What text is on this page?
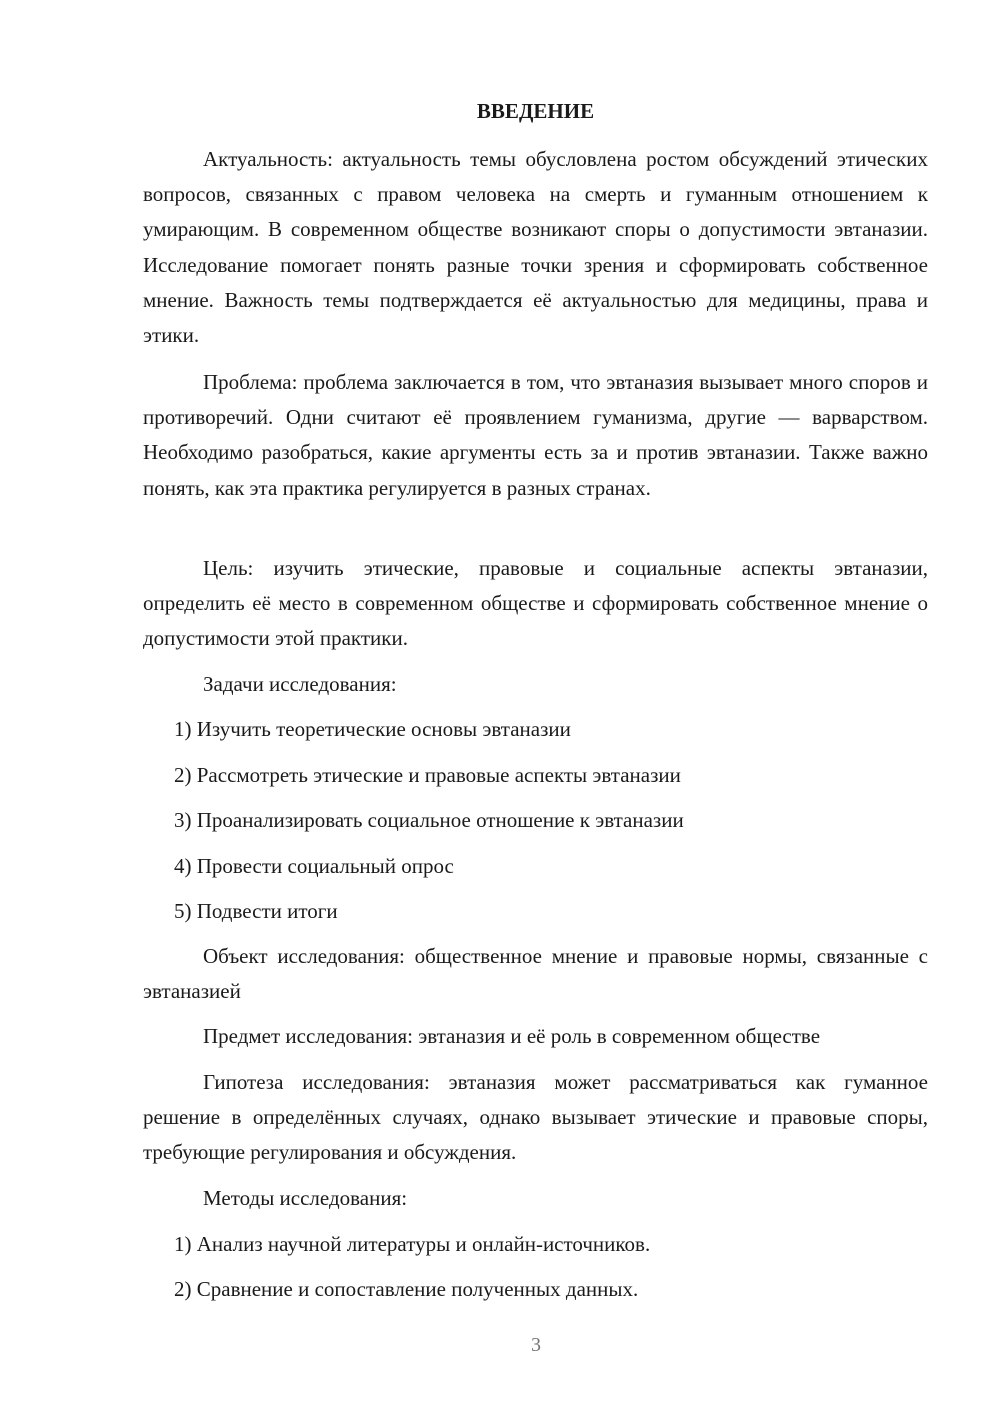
ВВЕДЕНИЕ

Актуальность: актуальность темы обусловлена ростом обсуждений этических вопросов, связанных с правом человека на смерть и гуманным отношением к умирающим. В современном обществе возникают споры о допустимости эвтаназии. Исследование помогает понять разные точки зрения и сформировать собственное мнение. Важность темы подтверждается её актуальностью для медицины, права и этики.

Проблема: проблема заключается в том, что эвтаназия вызывает много споров и противоречий. Одни считают её проявлением гуманизма, другие — варварством. Необходимо разобраться, какие аргументы есть за и против эвтаназии. Также важно понять, как эта практика регулируется в разных странах.

Цель: изучить этические, правовые и социальные аспекты эвтаназии, определить её место в современном обществе и сформировать собственное мнение о допустимости этой практики.

Задачи исследования:

1) Изучить теоретические основы эвтаназии

2) Рассмотреть этические и правовые аспекты эвтаназии

3) Проанализировать социальное отношение к эвтаназии

4) Провести социальный опрос

5) Подвести итоги

Объект исследования: общественное мнение и правовые нормы, связанные с эвтаназией

Предмет исследования: эвтаназия и её роль в современном обществе

Гипотеза исследования: эвтаназия может рассматриваться как гуманное решение в определённых случаях, однако вызывает этические и правовые споры, требующие регулирования и обсуждения.

Методы исследования:

1) Анализ научной литературы и онлайн-источников.

2) Сравнение и сопоставление полученных данных.

3
